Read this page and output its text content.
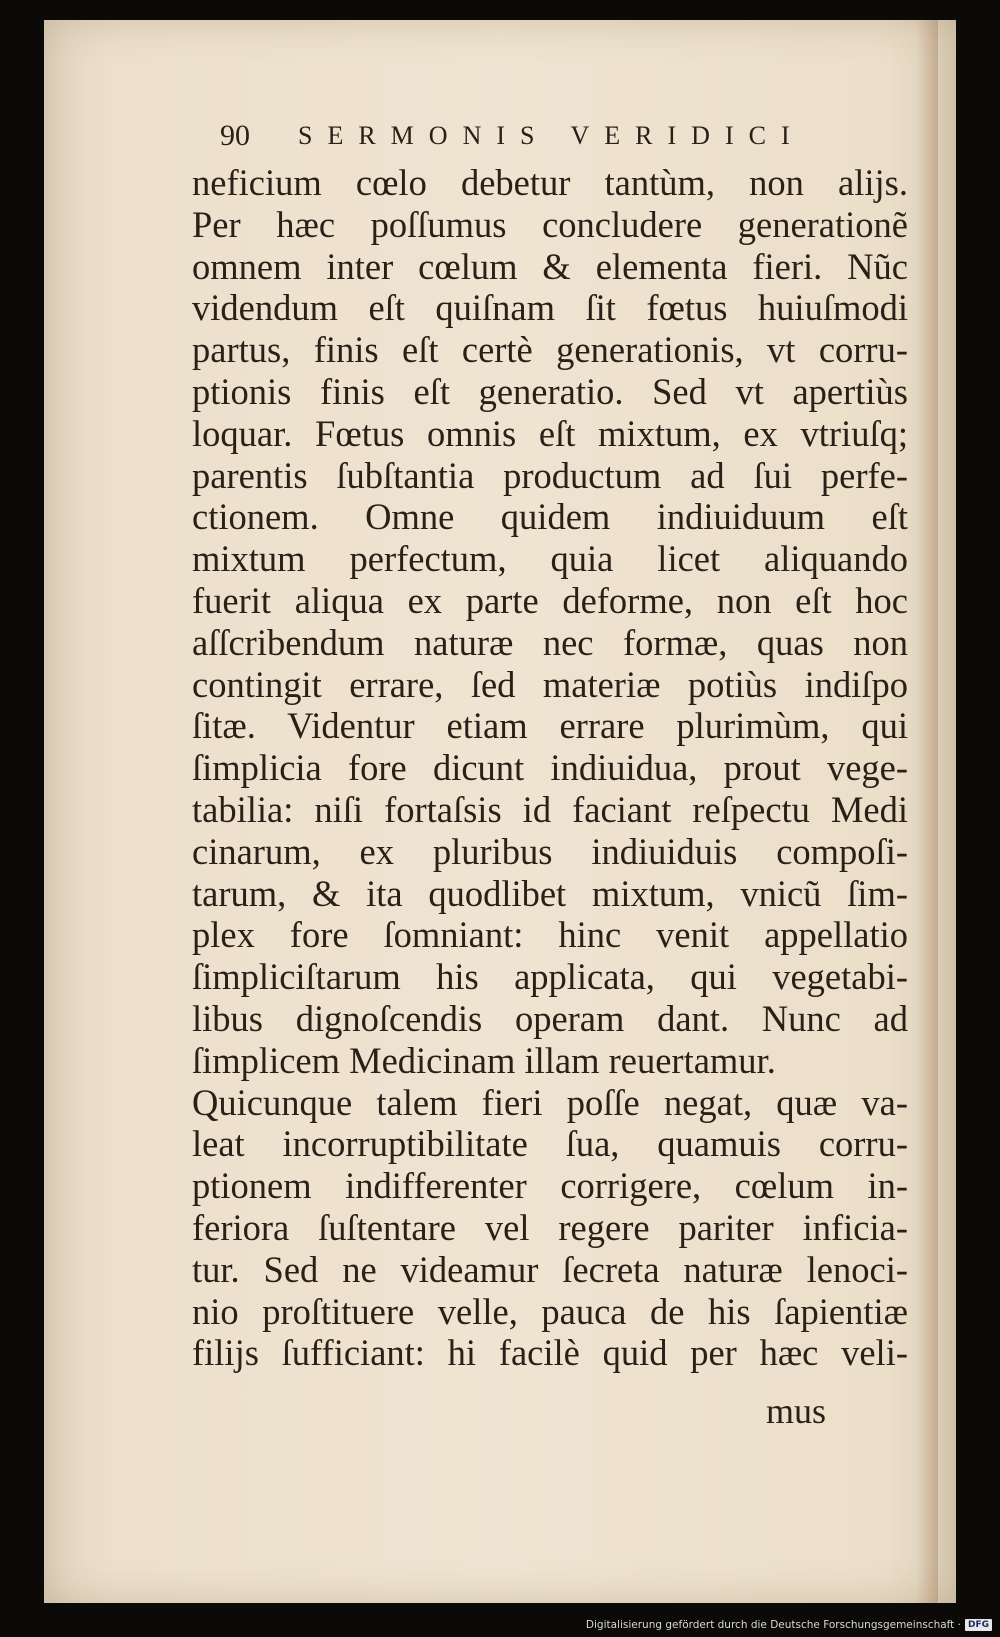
90 SERMONIS VERIDICI
neficium cœlo debetur tantùm, non alijs.
Per hæc poſſumus concludere generationẽ
omnem inter cœlum & elementa fieri. Nũc
videndum eſt quiſnam ſit fœtus huiuſmodi
partus, finis eſt certè generationis, vt corru-
ptionis finis eſt generatio. Sed vt apertiùs
loquar. Fœtus omnis eſt mixtum, ex vtriuſq;
parentis ſubſtantia productum ad ſui perfe-
ctionem. Omne quidem indiuiduum eſt
mixtum perfectum, quia licet aliquando
fuerit aliqua ex parte deforme, non eſt hoc
aſſcribendum naturæ nec formæ, quas non
contingit errare, ſed materiæ potiùs indiſpo
ſitæ. Videntur etiam errare plurimùm, qui
ſimplicia fore dicunt indiuidua, prout vege-
tabilia: niſi fortaſsis id faciant reſpectu Medi
cinarum, ex pluribus indiuiduis compoſi-
tarum, & ita quodlibet mixtum, vnicũ ſim-
plex fore ſomniant: hinc venit appellatio
ſimpliciſtarum his applicata, qui vegetabi-
libus dignoſcendis operam dant. Nunc ad
ſimplicem Medicinam illam reuertamur.
Quicunque talem fieri poſſe negat, quæ va-
leat incorruptibilitate ſua, quamuis corru-
ptionem indifferenter corrigere, cœlum in-
feriora ſuſtentare vel regere pariter inficia-
tur. Sed ne videamur ſecreta naturæ lenoci-
nio proſtituere velle, pauca de his ſapientiæ
filijs ſufficiant: hi facilè quid per hæc veli-
mus
Digitalisierung gefördert durch die Deutsche Forschungsgemeinschaft · DFG
